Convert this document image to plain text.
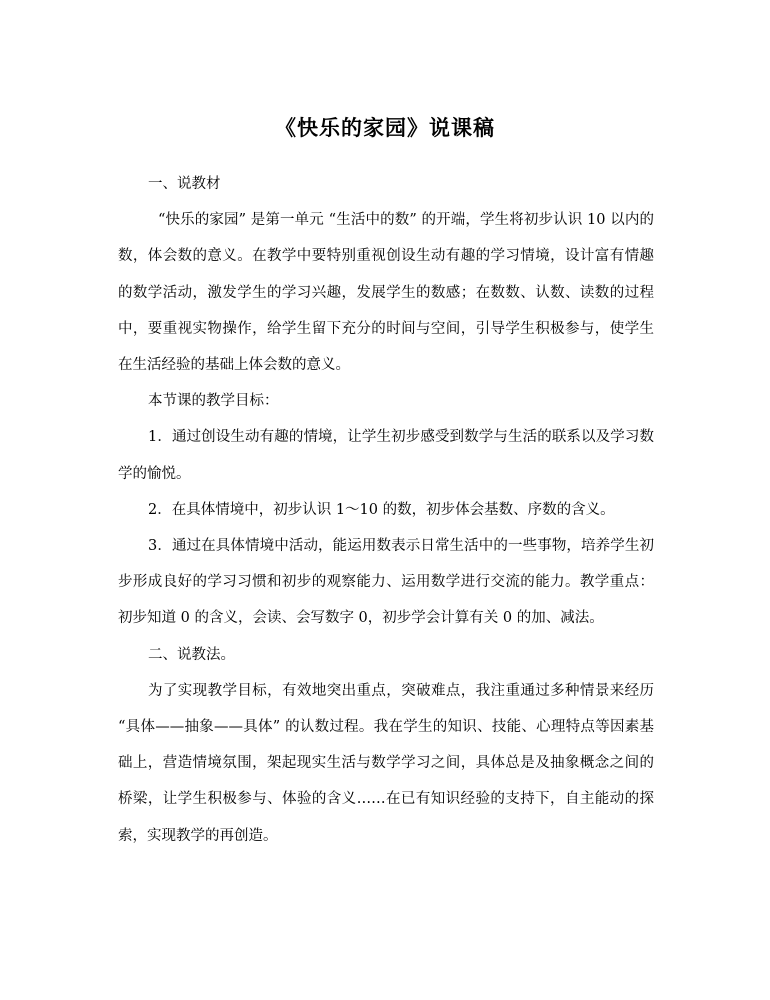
《快乐的家园》说课稿

一、说教材

“快乐的家园” 是第一单元 “生活中的数” 的开端，学生将初步认识 10 以内的数，体会数的意义。在教学中要特别重视创设生动有趣的学习情境，设计富有情趣的数学活动，激发学生的学习兴趣，发展学生的数感；在数数、认数、读数的过程中，要重视实物操作，给学生留下充分的时间与空间，引导学生积极参与，使学生在生活经验的基础上体会数的意义。

本节课的教学目标：

1．通过创设生动有趣的情境，让学生初步感受到数学与生活的联系以及学习数学的愉悦。

2．在具体情境中，初步认识 1～10 的数，初步体会基数、序数的含义。

3．通过在具体情境中活动，能运用数表示日常生活中的一些事物，培养学生初步形成良好的学习习惯和初步的观察能力、运用数学进行交流的能力。教学重点：初步知道 0 的含义，会读、会写数字 0，初步学会计算有关 0 的加、减法。

二、说教法。

为了实现教学目标，有效地突出重点，突破难点，我注重通过多种情景来经历 “具体——抽象——具体” 的认数过程。我在学生的知识、技能、心理特点等因素基础上，营造情境氛围，架起现实生活与数学学习之间，具体总是及抽象概念之间的桥梁，让学生积极参与、体验的含义……在已有知识经验的支持下，自主能动的探索，实现教学的再创造。
